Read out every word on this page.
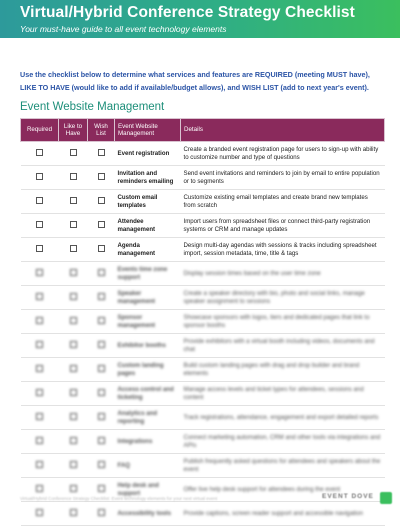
Virtual/Hybrid Conference Strategy Checklist
Your must-have guide to all event technology elements
Use the checklist below to determine what services and features are REQUIRED (meeting MUST have), LIKE TO HAVE (would like to add if available/budget allows), and WISH LIST (add to next year's event).
Event Website Management
Required	Like to Have	Wish List	Event Website Management	Details
			Event registration	Create a branded event registration page for users to sign-up with ability to customize number and type of questions
			Invitation and reminders emailing	Send event invitations and reminders to join by email to entire population or to segments
			Custom email templates	Customize existing email templates and create brand new templates from scratch
			Attendee management	Import users from spreadsheet files or connect third-party registration systems or CRM and manage updates
			Agenda management	Design multi-day agendas with sessions & tracks including spreadsheet import, session metadata, time, title & tags
			Events time zone support	Display session times based on the user time zone
			Speaker management	Create a speaker directory with bio, photo and social links, manage speaker assignment to sessions
			Sponsor management	Showcase sponsors with logos, tiers and dedicated pages that link to sponsor booths
			Exhibitor booths	Provide exhibitors with a virtual booth including videos, documents and chat
			Custom landing pages	Build custom landing pages with drag and drop builder and brand elements
			Access control and ticketing	Manage access levels and ticket types for attendees, sessions and content
			Analytics and reporting	Track registrations, attendance, engagement and export detailed reports
			Integrations	Connect marketing automation, CRM and other tools via integrations and APIs
			FAQ	Publish frequently asked questions for attendees and speakers about the event
			Help desk and support	Offer live help desk support for attendees during the event
			Accessibility tools	Provide captions, screen reader support and accessible navigation
Virtual/Hybrid Conference Strategy Checklist: Event technology elements for your next virtual event	EVENT DOVE
